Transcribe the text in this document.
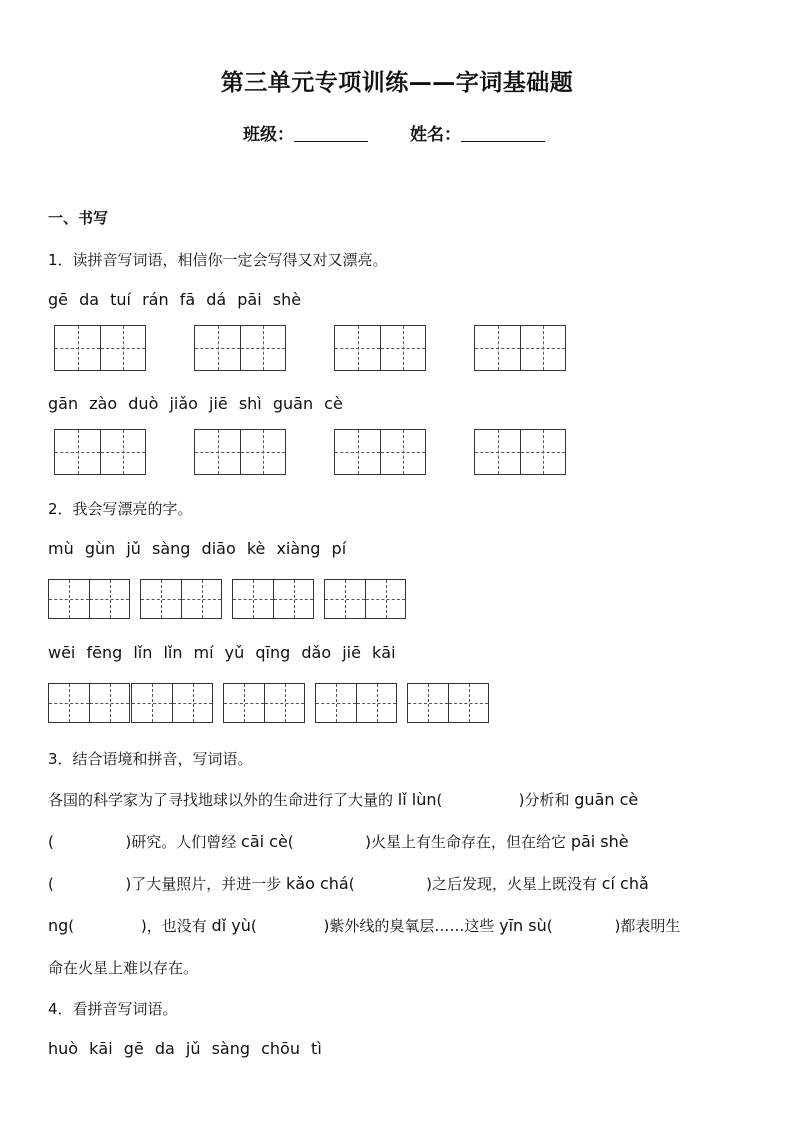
第三单元专项训练——字词基础题
班级：	姓名：
一、书写
1．读拼音写词语，相信你一定会写得又对又漂亮。
gē da tuí rán fā dá pāi shè
gān zào duò jiǎo jiē shì guān cè
2．我会写漂亮的字。
mù gùn jǔ sàng diāo kè xiàng pí
wēi fēng lǐn lǐn mí yǔ qīng dǎo jiē kāi
3．结合语境和拼音，写词语。
各国的科学家为了寻找地球以外的生命进行了大量的 lǐ lùn(                )分析和 guān cè
(               )研究。人们曾经 cāi cè(               )火星上有生命存在，但在给它 pāi shè
(               )了大量照片，并进一步 kǎo chá(               )之后发现，火星上既没有 cí chǎ
ng(              )，也没有 dǐ yù(              )紫外线的臭氧层……这些 yīn sù(             )都表明生
命在火星上难以存在。
4．看拼音写词语。
huò kāi gē da jǔ sàng chōu tì
